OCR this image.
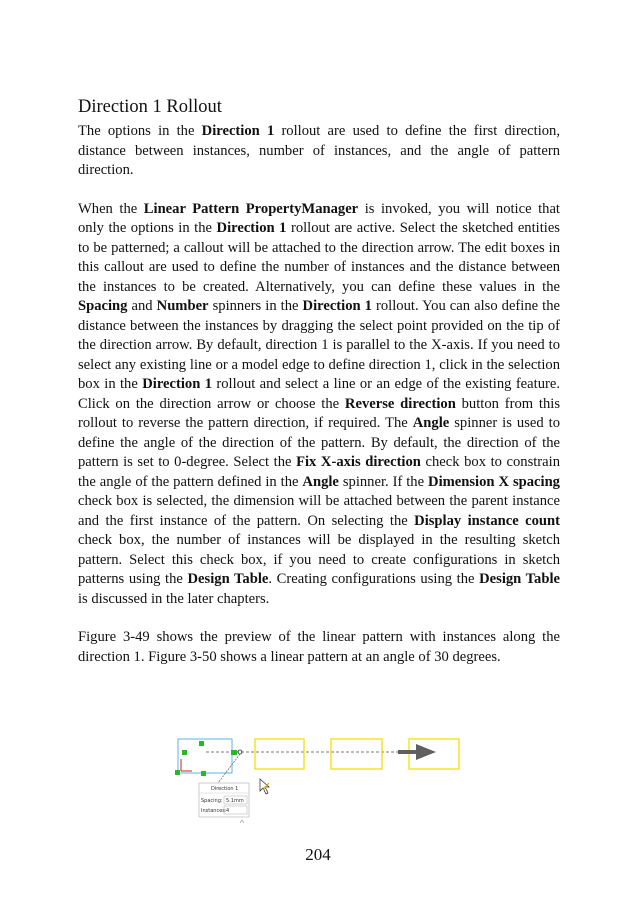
Direction 1 Rollout

The options in the Direction 1 rollout are used to define the first direction, distance between instances, number of instances, and the angle of pattern direction.

When the Linear Pattern PropertyManager is invoked, you will notice that only the options in the Direction 1 rollout are active. Select the sketched entities to be patterned; a callout will be attached to the direction arrow. The edit boxes in this callout are used to define the number of instances and the distance between the instances to be created. Alternatively, you can define these values in the Spacing and Number spinners in the Direction 1 rollout. You can also define the distance between the instances by dragging the select point provided on the tip of the direction arrow. By default, direction 1 is parallel to the X-axis. If you need to select any existing line or a model edge to define direction 1, click in the selection box in the Direction 1 rollout and select a line or an edge of the existing feature. Click on the direction arrow or choose the Reverse direction button from this rollout to reverse the pattern direction, if required. The Angle spinner is used to define the angle of the direction of the pattern. By default, the direction of the pattern is set to 0-degree. Select the Fix X-axis direction check box to constrain the angle of the pattern defined in the Angle spinner. If the Dimension X spacing check box is selected, the dimension will be attached between the parent instance and the first instance of the pattern. On selecting the Display instance count check box, the number of instances will be displayed in the resulting sketch pattern. Select this check box, if you need to create configurations in sketch patterns using the Design Table. Creating configurations using the Design Table is discussed in the later chapters.

Figure 3-49 shows the preview of the linear pattern with instances along the direction 1. Figure 3-50 shows a linear pattern at an angle of 30 degrees.

Direction 1
Spacing: 5.1mm
Instances: 4
204
